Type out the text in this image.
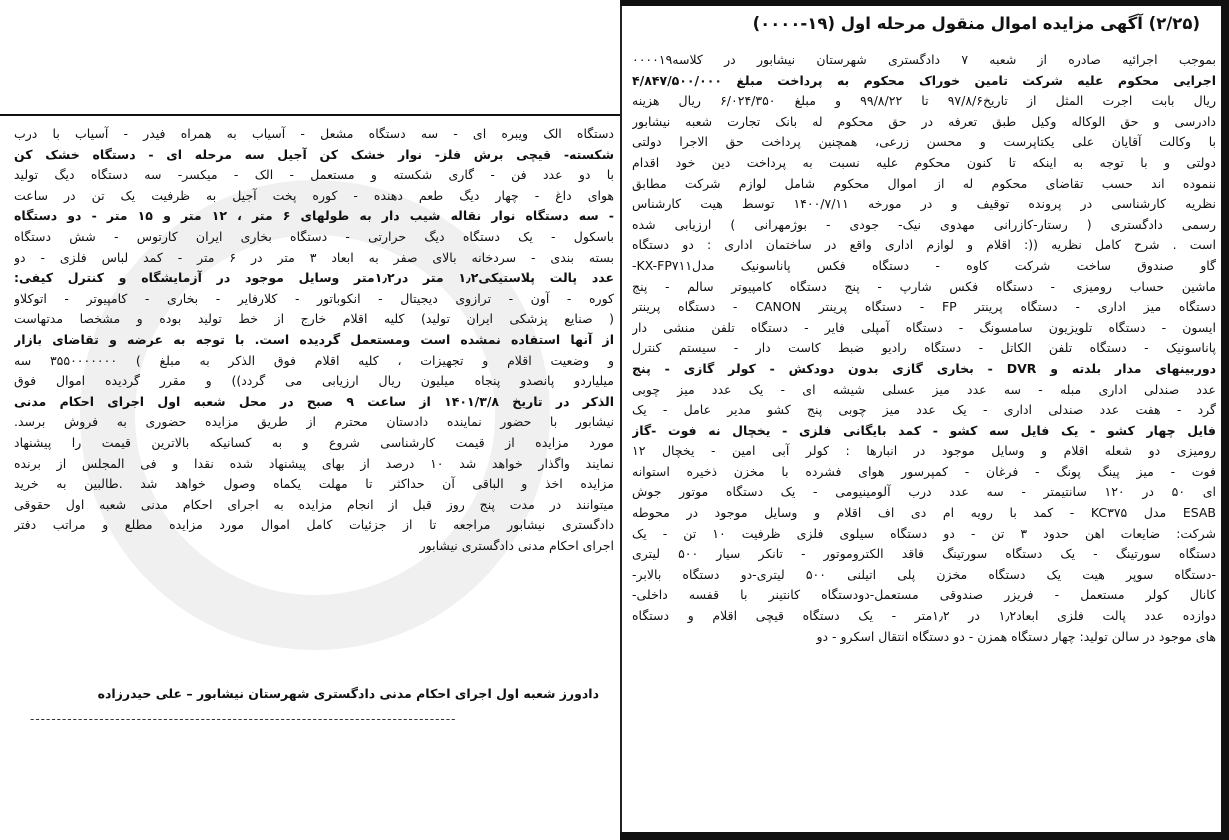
(۲/۲۵) آگهی مزایده اموال منقول مرحله اول (۱۹-۰۰۰۰)
بموجب اجرائیه صادره از شعبه ۷ دادگستری شهرستان نیشابور در کلاسه۰۰۰۰۱۹
اجرایی محکوم علیه شرکت تامین خوراک محکوم به پرداخت مبلغ ۴/۸۴۷/۵۰۰/۰۰۰
ریال بابت اجرت المثل از تاریخ۹۷/۸/۶ تا ۹۹/۸/۲۲ و مبلغ ۶/۰۲۴/۳۵۰ ریال هزینه
دادرسی و حق الوکاله وکیل طبق تعرفه در حق محکوم له بانک تجارت شعبه نیشابور
با وکالت آقایان علی یکتاپرست و محسن زرعی، همچنین پرداخت حق الاجرا دولتی
دولتی و با توجه به اینکه تا کنون محکوم علیه نسبت به پرداخت دین خود اقدام
ننموده اند حسب تقاضای محکوم له از اموال محکوم شامل لوازم شرکت مطابق
نظریه کارشناسی در پرونده توقیف و در مورخه ۱۴۰۰/۷/۱۱ توسط هیت کارشناس
رسمی دادگستری ( رستار-کازرانی مهدوی نیک- جودی - بوژمهرانی ) ارزیابی شده
است . شرح کامل نظریه ((: اقلام و لوازم اداری واقع در ساختمان اداری : دو دستگاه
گاو صندوق ساخت شرکت کاوه - دستگاه فکس پاناسونیک مدلKX-FP۷۱۱-
ماشین حساب رومیزی - دستگاه فکس شارپ - پنج دستگاه کامپیوتر سالم - پنج
دستگاه میز اداری - دستگاه پرینتر FP - دستگاه پرینتر CANON - دستگاه پرینتر
ایسون - دستگاه تلویزیون سامسونگ - دستگاه آمپلی فایر - دستگاه تلفن منشی دار
پاناسونیک - دستگاه تلفن الکاتل - دستگاه رادیو ضبط کاست دار - سیستم کنترل
دوربینهای مدار بلدته و DVR - بخاری گازی بدون دودکش - کولر گازی - پنج
عدد صندلی اداری مبله - سه عدد میز عسلی شیشه ای - یک عدد میز چوبی
گرد - هفت عدد صندلی اداری - یک عدد میز چوبی پنج کشو مدیر عامل - یک
فایل چهار کشو - یک فایل سه کشو - کمد بایگانی فلزی - یخچال نه فوت -گاز
رومیزی دو شعله اقلام و وسایل موجود در انبارها : کولر آبی امین - یخچال ۱۲
فوت - میز پینگ پونگ - فرغان - کمپرسور هوای فشرده با مخزن ذخیره استوانه
ای ۵۰ در ۱۲۰ سانتیمتر - سه عدد درب آلومینیومی - یک دستگاه موتور جوش
ESAB مدل KC۳۷۵ - کمد با رویه ام دی اف اقلام و وسایل موجود در محوطه
شرکت: ضایعات اهن حدود ۳ تن - دو دستگاه سیلوی فلزی ظرفیت ۱۰ تن - یک
دستگاه سورتینگ - یک دستگاه سورتینگ فاقد الکتروموتور - تانکر سیار ۵۰۰ لیتری
-دستگاه سوپر هیت یک دستگاه مخزن پلی اتیلنی ۵۰۰ لیتری-دو دستگاه بالابر-
کانال کولر مستعمل - فریزر صندوقی مستعمل-دودستگاه کانتینر با قفسه داخلی-
دوازده عدد پالت فلزی ابعاد۱٫۲ در ۱٫۲متر - یک دستگاه قیچی اقلام و دستگاه
های موجود در سالن تولید: چهار دستگاه همزن - دو دستگاه انتقال اسکرو - دو
دستگاه الک ویبره ای - سه دستگاه مشعل - آسیاب به همراه فیدر - آسیاب با درب
شکسته- قیچی برش فلز- نوار خشک کن آجیل سه مرحله ای - دستگاه خشک کن
با دو عدد فن - گاری شکسته و مستعمل - الک - میکسر- سه دستگاه دیگ تولید
هوای داغ - چهار دیگ طعم دهنده - کوره پخت آجیل به ظرفیت یک تن در ساعت
- سه دستگاه نوار نقاله شیب دار به طولهای ۶ متر ، ۱۲ متر و ۱۵ متر - دو دستگاه
باسکول - یک دستگاه دیگ حرارتی - دستگاه بخاری ایران کارتوس - شش دستگاه
بسته بندی - سردخانه بالای صفر به ابعاد ۳ متر در ۶ متر - کمد لباس فلزی - دو
عدد پالت پلاستیکی۱٫۲ متر در۱٫۲متر وسایل موجود در آزمایشگاه و کنترل کیفی:
کوره - آون - ترازوی دیجیتال - انکوباتور - کلارفایر - بخاری - کامپیوتر - اتوکلاو
( صنایع پزشکی ایران تولید) کلیه اقلام خارج از خط تولید بوده و مشخصا مدتهاست
از آنها استفاده نمشده است ومستعمل گردیده است. با توجه به عرضه و تقاضای بازار
و وضعیت اقلام و تجهیزات ، کلیه اقلام فوق الذکر به مبلغ ) ۳۵۵۰۰۰۰۰۰۰ سه
میلیاردو پانصدو پنجاه میلیون ریال ارزیابی می گردد)) و مقرر گردیده اموال فوق
الذکر در تاریخ ۱۴۰۱/۳/۸ از ساعت ۹ صبح در محل شعبه اول اجرای احکام مدنی
نیشابور با حضور نماینده دادستان محترم از طریق مزایده حضوری به فروش برسد.
مورد مزایده از قیمت کارشناسی شروع و به کسانیکه بالاترین قیمت را پیشنهاد
نمایند واگذار خواهد شد ۱۰ درصد از بهای پیشنهاد شده نقدا و فی المجلس از برنده
مزایده اخذ و الباقی آن حداکثر تا مهلت یکماه وصول خواهد شد .طالبین به خرید
میتوانند در مدت پنج روز قبل از انجام مزایده به اجرای احکام مدنی شعبه اول حقوقی
دادگستری نیشابور مراجعه تا از جزئیات کامل اموال مورد مزایده مطلع و مراتب دفتر
اجرای احکام مدنی دادگستری نیشابور
دادورز شعبه اول اجرای احکام مدنی دادگستری شهرستان نیشابور – علی حیدرزاده
--------------------------------------------------------------------------------
